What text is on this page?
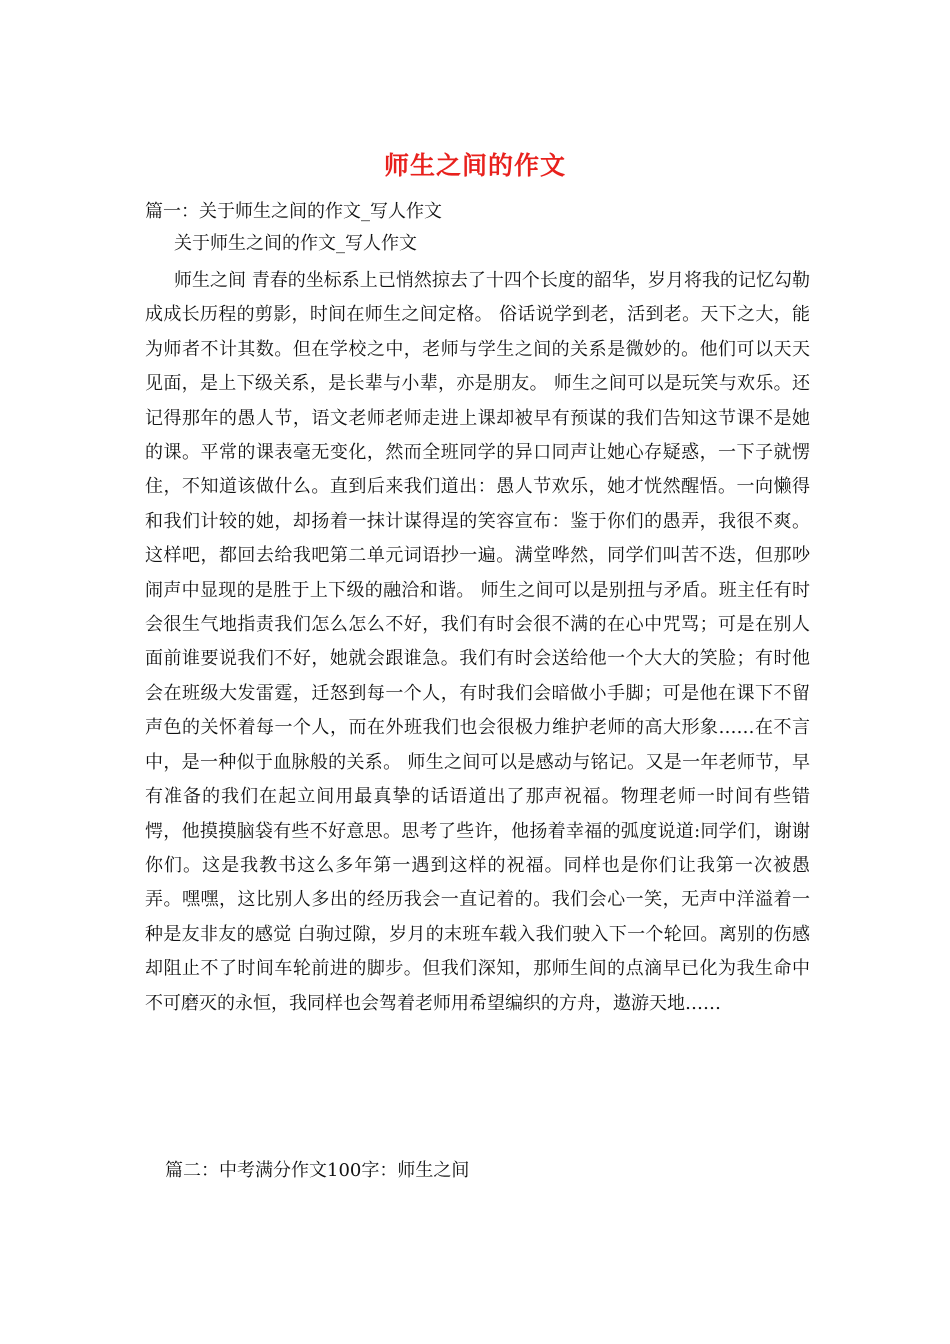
师生之间的作文
篇一：关于师生之间的作文_写人作文
关于师生之间的作文_写人作文
师生之间 青春的坐标系上已悄然掠去了十四个长度的韶华，岁月将我的记忆勾勒成成长历程的剪影，时间在师生之间定格。 俗话说学到老，活到老。天下之大，能为师者不计其数。但在学校之中，老师与学生之间的关系是微妙的。他们可以天天见面，是上下级关系，是长辈与小辈，亦是朋友。 师生之间可以是玩笑与欢乐。还记得那年的愚人节，语文老师老师走进上课却被早有预谋的我们告知这节课不是她的课。平常的课表毫无变化，然而全班同学的异口同声让她心存疑惑，一下子就愣住，不知道该做什么。直到后来我们道出：愚人节欢乐，她才恍然醒悟。一向懒得和我们计较的她，却扬着一抹计谋得逞的笑容宣布：鉴于你们的愚弄，我很不爽。这样吧，都回去给我吧第二单元词语抄一遍。满堂哗然，同学们叫苦不迭，但那吵闹声中显现的是胜于上下级的融洽和谐。 师生之间可以是别扭与矛盾。班主任有时会很生气地指责我们怎么怎么不好，我们有时会很不满的在心中咒骂；可是在别人面前谁要说我们不好，她就会跟谁急。我们有时会送给他一个大大的笑脸；有时他会在班级大发雷霆，迁怒到每一个人，有时我们会暗做小手脚；可是他在课下不留声色的关怀着每一个人，而在外班我们也会很极力维护老师的高大形象……在不言中，是一种似于血脉般的关系。 师生之间可以是感动与铭记。又是一年老师节，早有准备的我们在起立间用最真挚的话语道出了那声祝福。物理老师一时间有些错愕，他摸摸脑袋有些不好意思。思考了些许，他扬着幸福的弧度说道:同学们，谢谢你们。这是我教书这么多年第一遇到这样的祝福。同样也是你们让我第一次被愚弄。嘿嘿，这比别人多出的经历我会一直记着的。我们会心一笑，无声中洋溢着一种是友非友的感觉 白驹过隙，岁月的末班车载入我们驶入下一个轮回。离别的伤感却阻止不了时间车轮前进的脚步。但我们深知，那师生间的点滴早已化为我生命中不可磨灭的永恒，我同样也会驾着老师用希望编织的方舟，遨游天地……
篇二：中考满分作文100字：师生之间
